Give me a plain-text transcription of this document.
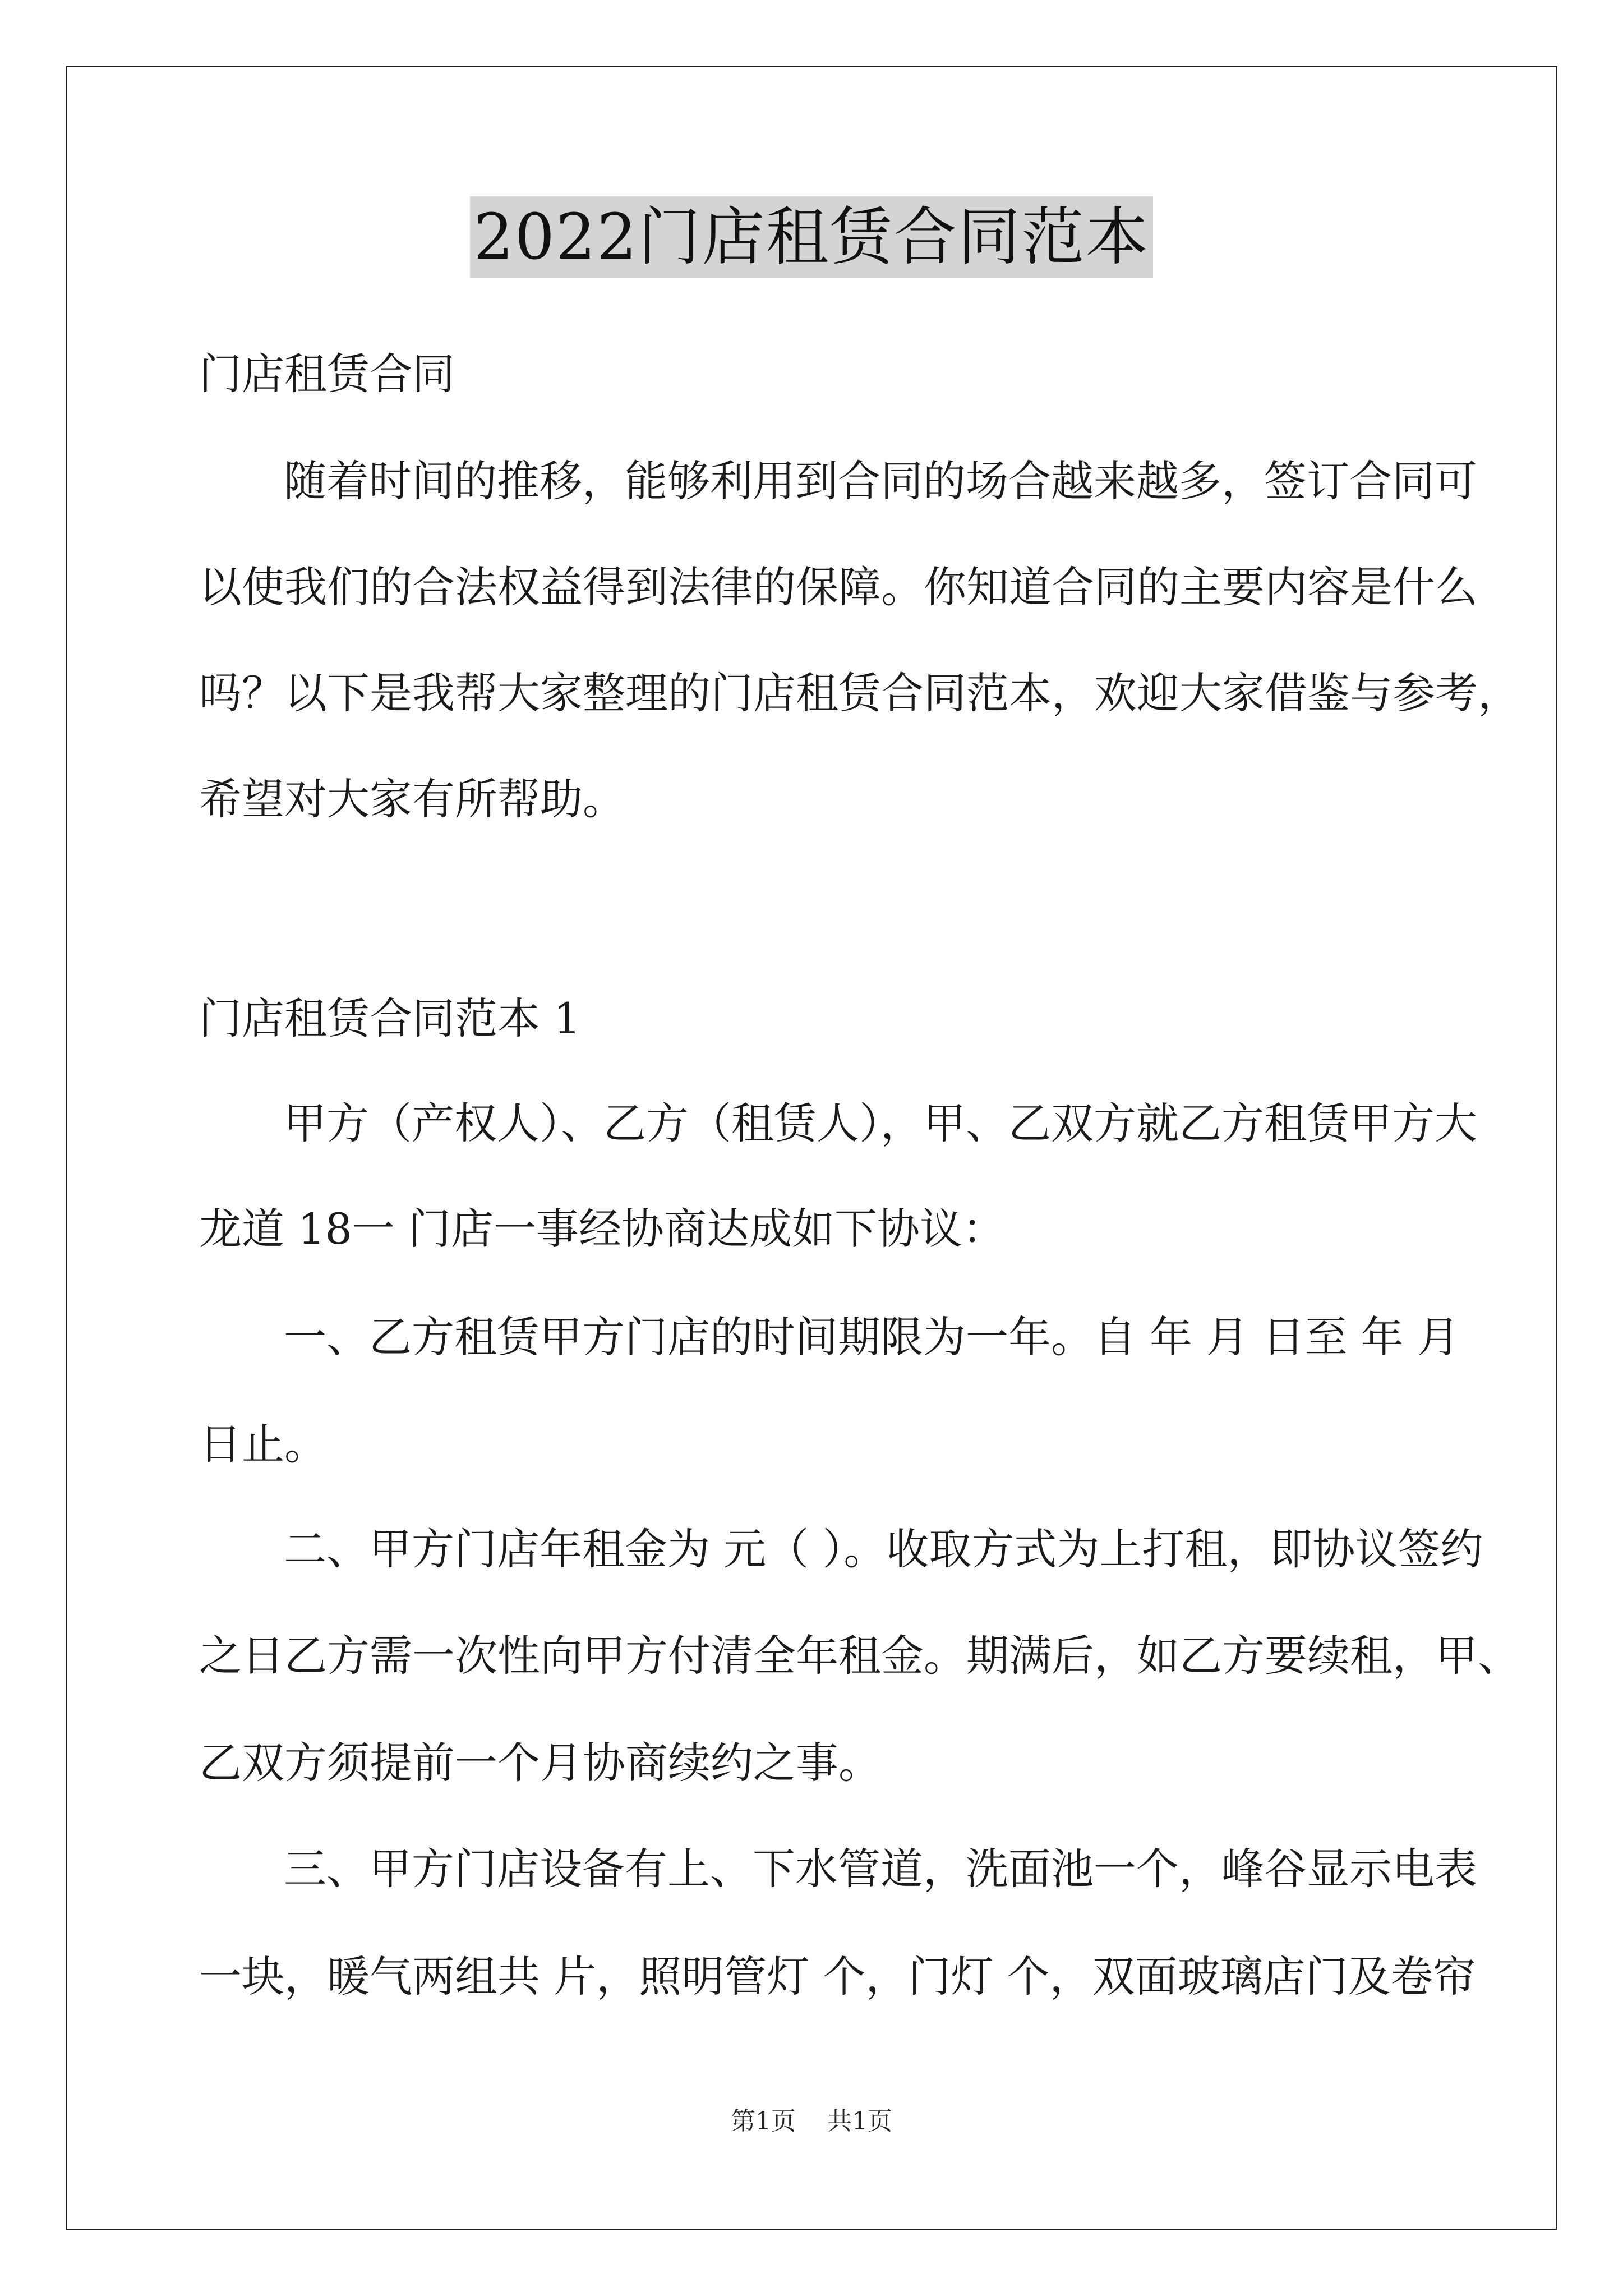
2022门店租赁合同范本
门店租赁合同
随着时间的推移，能够利用到合同的场合越来越多，签订合同可
以使我们的合法权益得到法律的保障。你知道合同的主要内容是什么
吗？以下是我帮大家整理的门店租赁合同范本，欢迎大家借鉴与参考，
希望对大家有所帮助。
门店租赁合同范本 1
甲方（产权人）、乙方（租赁人），甲、乙双方就乙方租赁甲方大
龙道 18一 门店一事经协商达成如下协议：
一、乙方租赁甲方门店的时间期限为一年。自 年 月 日至 年 月
日止。
二、甲方门店年租金为 元（ ）。收取方式为上打租，即协议签约
之日乙方需一次性向甲方付清全年租金。期满后，如乙方要续租，甲、
乙双方须提前一个月协商续约之事。
三、甲方门店设备有上、下水管道，洗面池一个，峰谷显示电表
一块，暖气两组共 片，照明管灯 个，门灯 个，双面玻璃店门及卷帘
第1页    共1页
